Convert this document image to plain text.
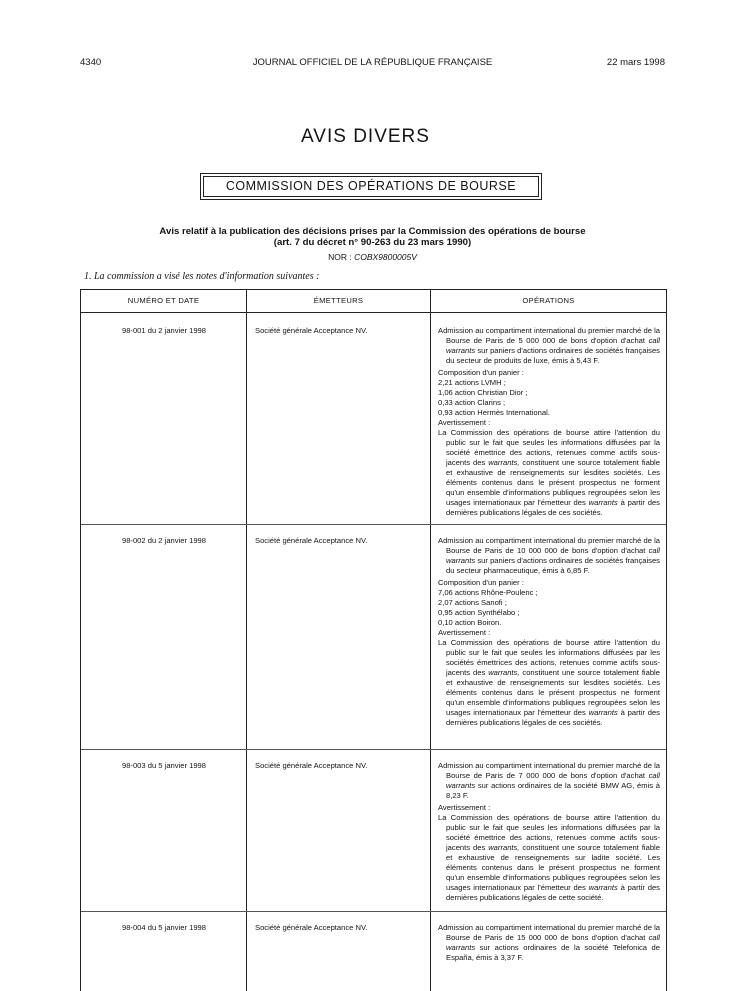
4340	JOURNAL OFFICIEL DE LA RÉPUBLIQUE FRANÇAISE	22 mars 1998
AVIS DIVERS
COMMISSION DES OPÉRATIONS DE BOURSE
Avis relatif à la publication des décisions prises par la Commission des opérations de bourse
(art. 7 du décret n° 90-263 du 23 mars 1990)
NOR : COBX9800005V
1. La commission a visé les notes d'information suivantes :
NUMÉRO ET DATE	ÉMETTEURS	OPÉRATIONS
98-001 du 2 janvier 1998	Société générale Acceptance NV.	Admission au compartiment international du premier marché de la Bourse de Paris de 5 000 000 de bons d'option d'achat call warrants sur paniers d'actions ordinaires de sociétés françaises du secteur de produits de luxe, émis à 5,43 F.

Composition d'un panier :

2,21 actions LVMH ;
1,06 action Christian Dior ;
0,33 action Clarins ;
0,93 action Hermès International.

Avertissement :

La Commission des opérations de bourse attire l'attention du public sur le fait que seules les informations diffusées par la société émettrice des actions, retenues comme actifs sous-jacents des warrants, constituent une source totalement fiable et exhaustive de renseignements sur lesdites sociétés. Les éléments contenus dans le présent prospectus ne forment qu'un ensemble d'informations publiques regroupées selon les usages internationaux par l'émetteur des warrants à partir des dernières publications légales de ces sociétés.

98-002 du 2 janvier 1998	Société générale Acceptance NV.	Admission au compartiment international du premier marché de la Bourse de Paris de 10 000 000 de bons d'option d'achat call warrants sur paniers d'actions ordinaires de sociétés françaises du secteur pharmaceutique, émis à 6,85 F.

Composition d'un panier :

7,06 actions Rhône-Poulenc ;
2,07 actions Sanofi ;
0,95 action Synthélabo ;
0,10 action Boiron.

Avertissement :

La Commission des opérations de bourse attire l'attention du public sur le fait que seules les informations diffusées par les sociétés émettrices des actions, retenues comme actifs sous-jacents des warrants, constituent une source totalement fiable et exhaustive de renseignements sur lesdites sociétés. Les éléments contenus dans le présent prospectus ne forment qu'un ensemble d'informations publiques regroupées selon les usages internationaux par l'émetteur des warrants à partir des dernières publications légales de ces sociétés.

98-003 du 5 janvier 1998	Société générale Acceptance NV.	Admission au compartiment international du premier marché de la Bourse de Paris de 7 000 000 de bons d'option d'achat call warrants sur actions ordinaires de la société BMW AG, émis à 8,23 F.

Avertissement :

La Commission des opérations de bourse attire l'attention du public sur le fait que seules les informations diffusées par la société émettrice des actions, retenues comme actifs sous-jacents des warrants, constituent une source totalement fiable et exhaustive de renseignements sur ladite société. Les éléments contenus dans le présent prospectus ne forment qu'un ensemble d'informations publiques regroupées selon les usages internationaux par l'émetteur des warrants à partir des dernières publications légales de cette société.

98-004 du 5 janvier 1998	Société générale Acceptance NV.	Admission au compartiment international du premier marché de la Bourse de Paris de 15 000 000 de bons d'option d'achat call warrants sur actions ordinaires de la société Telefonica de España, émis à 3,37 F.
